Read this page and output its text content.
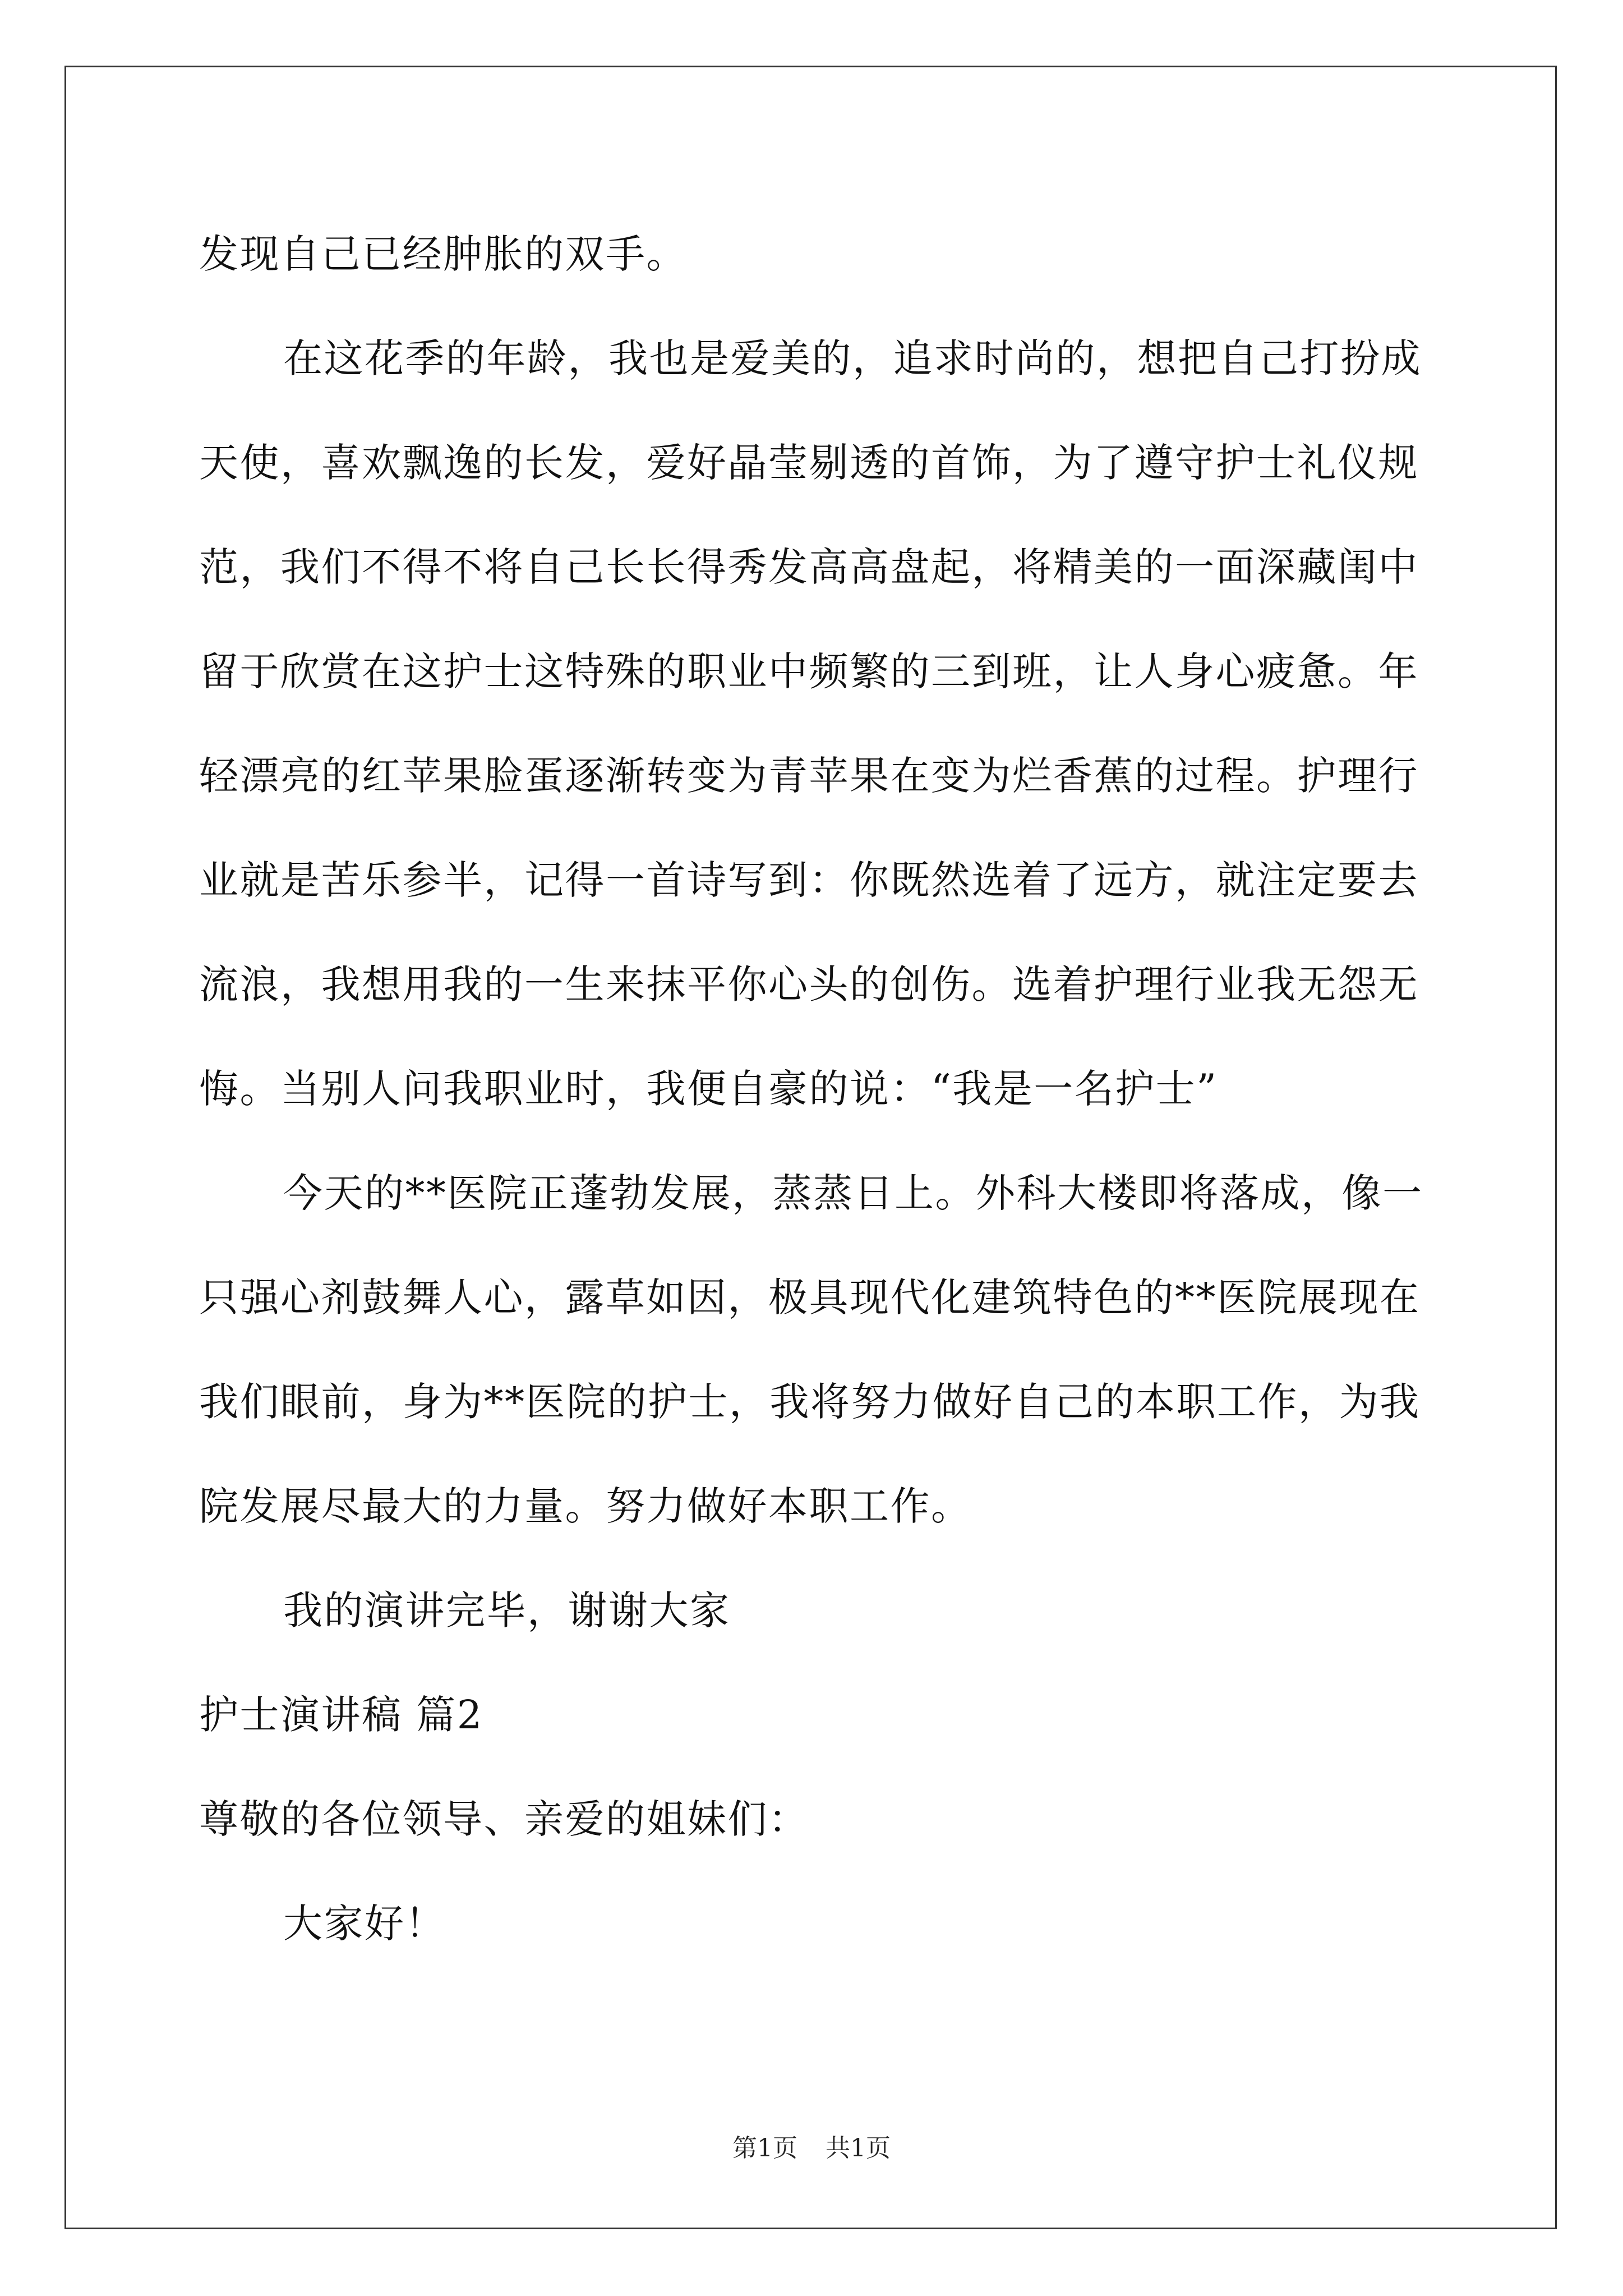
发现自己已经肿胀的双手。
在这花季的年龄，我也是爱美的，追求时尚的，想把自己打扮成
天使，喜欢飘逸的长发，爱好晶莹剔透的首饰，为了遵守护士礼仪规
范，我们不得不将自己长长得秀发高高盘起，将精美的一面深藏闺中
留于欣赏在这护士这特殊的职业中频繁的三到班，让人身心疲惫。年
轻漂亮的红苹果脸蛋逐渐转变为青苹果在变为烂香蕉的过程。护理行
业就是苦乐参半，记得一首诗写到：你既然选着了远方，就注定要去
流浪，我想用我的一生来抹平你心头的创伤。选着护理行业我无怨无
悔。当别人问我职业时，我便自豪的说：“我是一名护士”
今天的**医院正蓬勃发展，蒸蒸日上。外科大楼即将落成，像一
只强心剂鼓舞人心，露草如因，极具现代化建筑特色的**医院展现在
我们眼前，身为**医院的护士，我将努力做好自己的本职工作，为我
院发展尽最大的力量。努力做好本职工作。
我的演讲完毕，谢谢大家
护士演讲稿 篇2
尊敬的各位领导、亲爱的姐妹们：
大家好！
第1页 共1页
